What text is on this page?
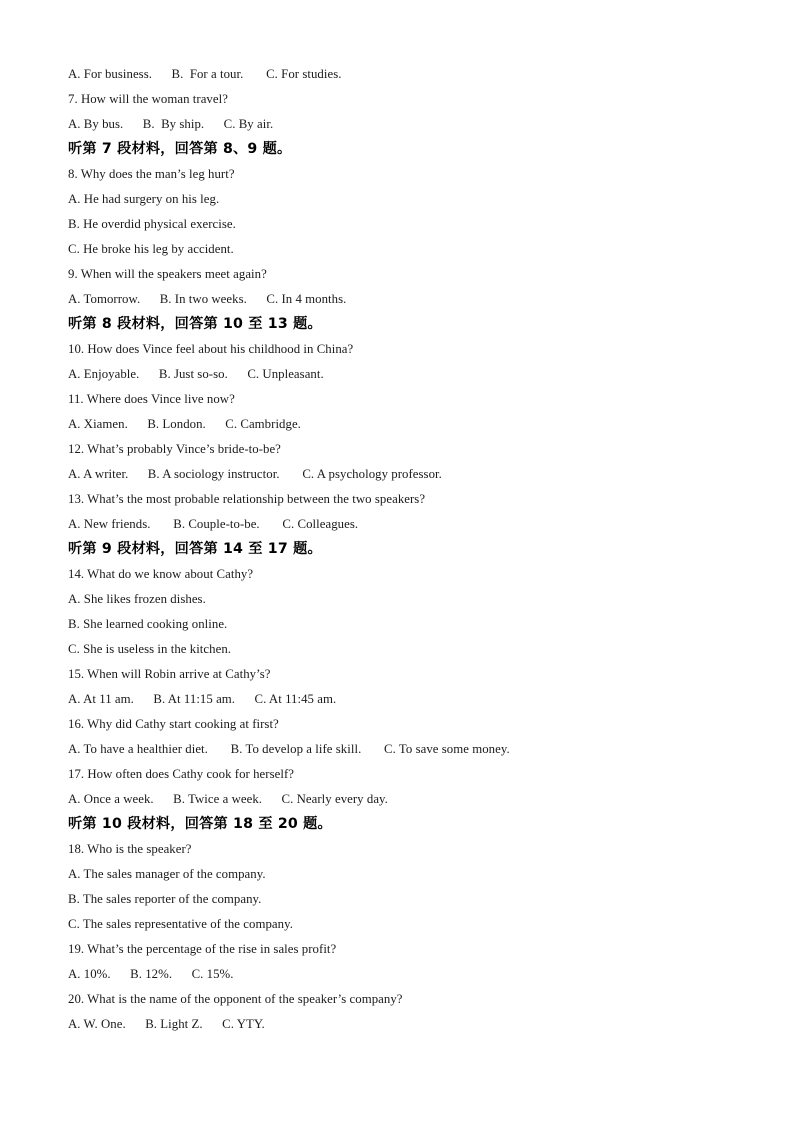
A. For business.      B.  For a tour.       C. For studies.
7. How will the woman travel?
A. By bus.      B.  By ship.      C. By air.
听第 7 段材料，回答第 8、9 题。
8. Why does the man’s leg hurt?
A. He had surgery on his leg.
B. He overdid physical exercise.
C. He broke his leg by accident.
9. When will the speakers meet again?
A. Tomorrow.      B. In two weeks.      C. In 4 months.
听第 8 段材料，回答第 10 至 13 题。
10. How does Vince feel about his childhood in China?
A. Enjoyable.      B. Just so-so.      C. Unpleasant.
11. Where does Vince live now?
A. Xiamen.      B. London.      C. Cambridge.
12. What’s probably Vince’s bride-to-be?
A. A writer.      B. A sociology instructor.       C. A psychology professor.
13. What’s the most probable relationship between the two speakers?
A. New friends.       B. Couple-to-be.       C. Colleagues.
听第 9 段材料，回答第 14 至 17 题。
14. What do we know about Cathy?
A. She likes frozen dishes.
B. She learned cooking online.
C. She is useless in the kitchen.
15. When will Robin arrive at Cathy’s?
A. At 11 am.      B. At 11:15 am.      C. At 11:45 am.
16. Why did Cathy start cooking at first?
A. To have a healthier diet.       B. To develop a life skill.       C. To save some money.
17. How often does Cathy cook for herself?
A. Once a week.      B. Twice a week.      C. Nearly every day.
听第 10 段材料，回答第 18 至 20 题。
18. Who is the speaker?
A. The sales manager of the company.
B. The sales reporter of the company.
C. The sales representative of the company.
19. What’s the percentage of the rise in sales profit?
A. 10%.      B. 12%.      C. 15%.
20. What is the name of the opponent of the speaker’s company?
A. W. One.      B. Light Z.      C. YTY.
